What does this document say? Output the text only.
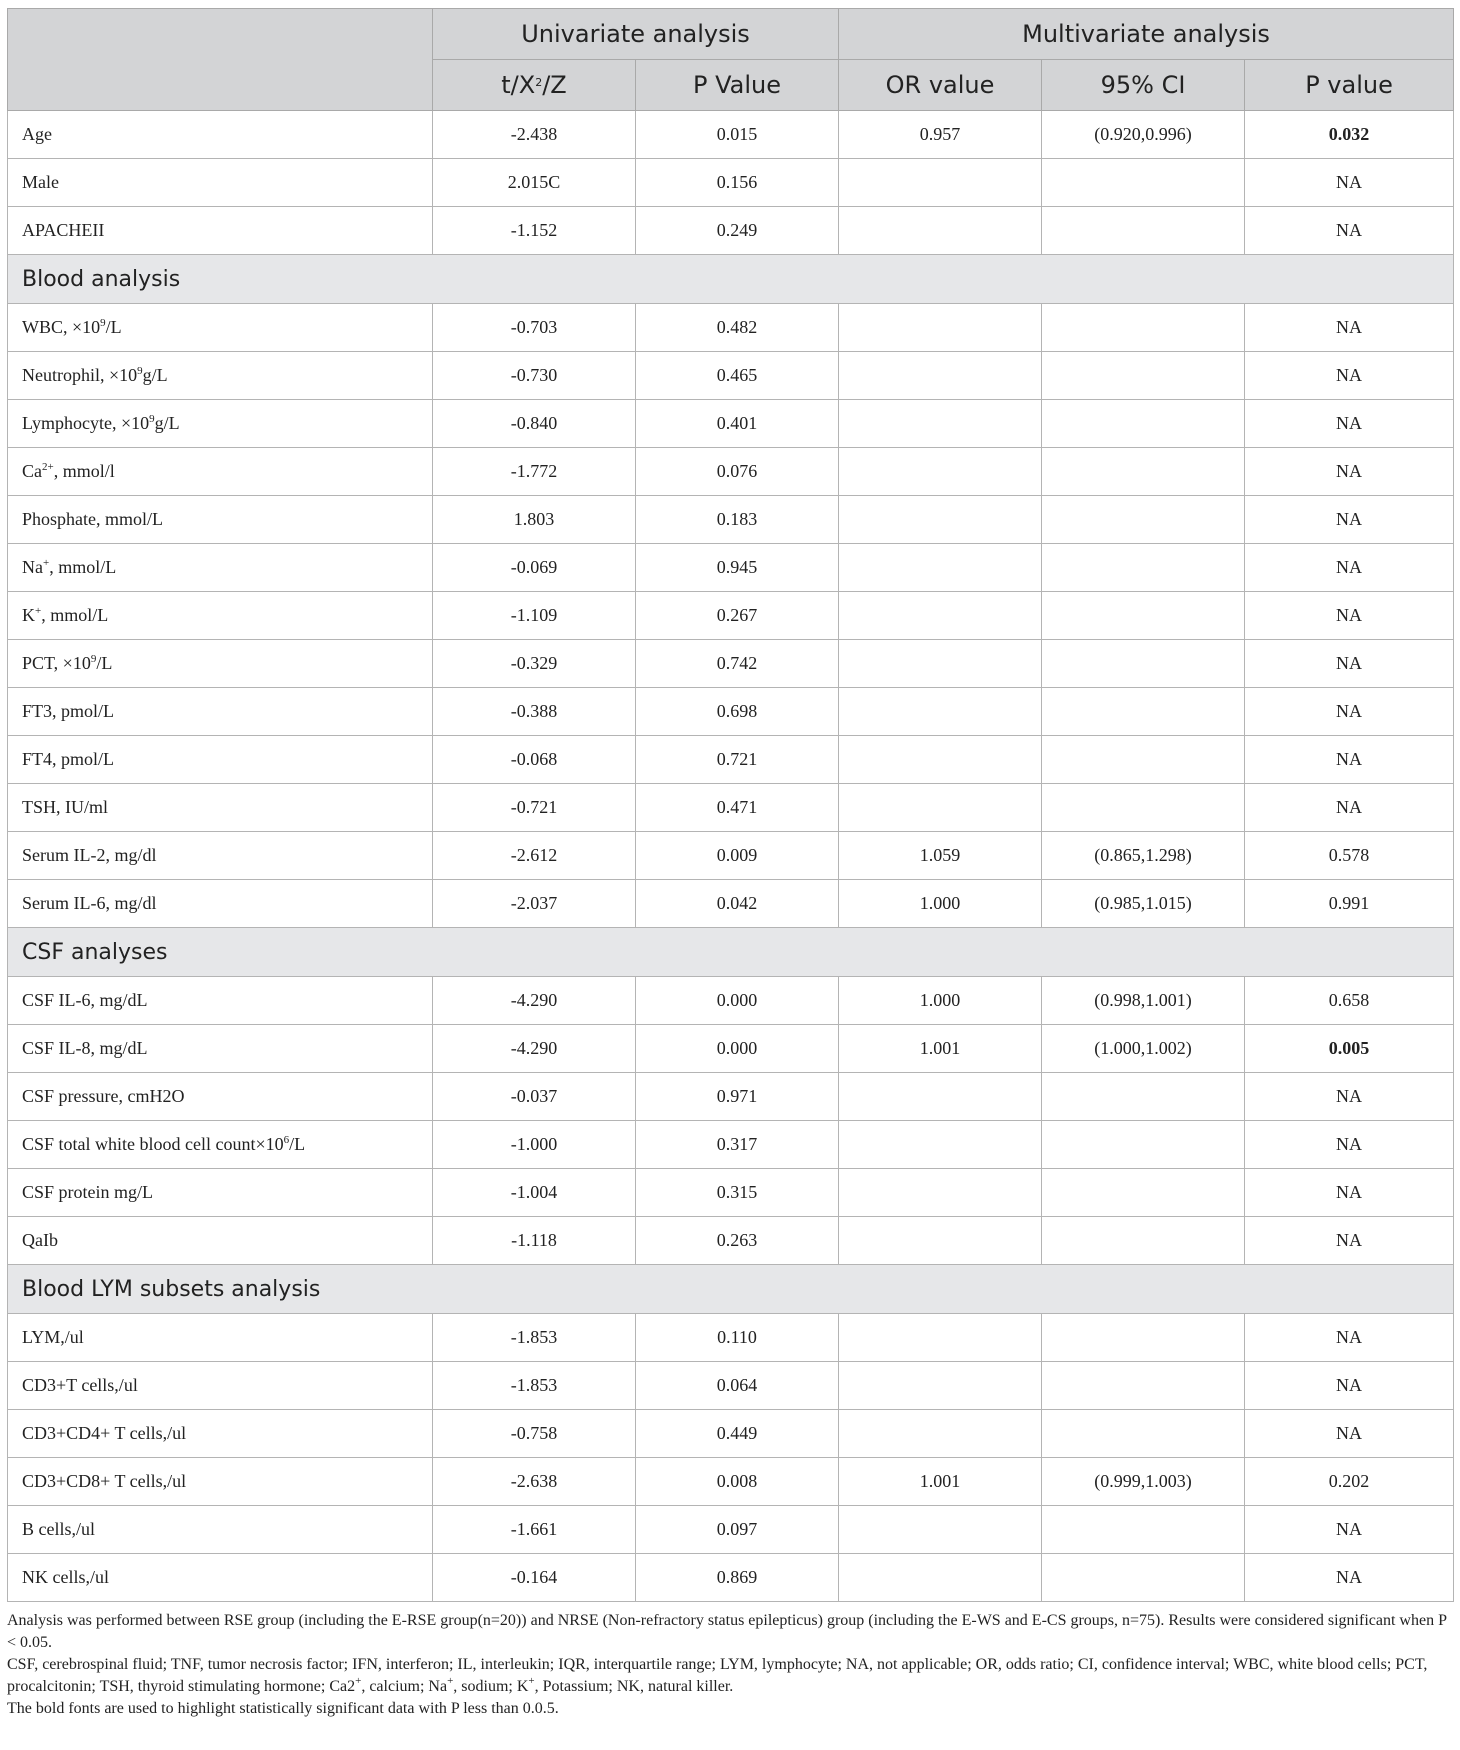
	Univariate analysis		Multivariate analysis		
	$t/X^2/Z$	P Value	OR value	95% CI	P value
Age	-2.438	0.015	0.957	(0.920,0.996)	0.032
Male	2.015C	0.156			NA
APACHEII	-1.152	0.249			NA
Blood analysis					
WBC, $\times 10^9/L$	-0.703	0.482			NA
Neutrophil, $\times 10^9g/L$	-0.730	0.465			NA
Lymphocyte, $\times 10^9g/L$	-0.840	0.401			NA
$Ca^{2+}$, mmol/l	-1.772	0.076			NA
Phosphate, mmol/L	1.803	0.183			NA
Na+, mmol/L	-0.069	0.945			NA
K+, mmol/L	-1.109	0.267			NA
PCT, $\times 10^9/L$	-0.329	0.742			NA
FT3, pmol/L	-0.388	0.698			NA
FT4, pmol/L	-0.068	0.721			NA
TSH, IU/ml	-0.721	0.471			NA
Serum IL-2, mg/dl	-2.612	0.009	1.059	(0.865,1.298)	0.578
Serum IL-6, mg/dl	-2.037	0.042	1.000	(0.985,1.015)	0.991
CSF analyses					
CSF IL-6, mg/dL	-4.290	0.000	1.000	(0.998,1.001)	0.658
CSF IL-8, mg/dL	-4.290	0.000	1.001	(1.000,1.002)	0.005
CSF pressure, cmH2O	-0.037	0.971			NA
CSF total white blood cell $count\times 10^6/L$	-1.000	0.317			NA
CSF protein mg/L	-1.004	0.315			NA
QaIb	-1.118	0.263			NA
Blood LYM subsets analysis					
LYM,/ul	-1.853	0.110			NA
CD3+T cells,/ul	-1.853	0.064			NA
CD3+CD4+ T cells,/ul	-0.758	0.449			NA
CD3+CD8+ T cells,/ul	-2.638	0.008	1.001	(0.999,1.003)	0.202
B cells,/ul	-1.661	0.097			NA
NK cells,/ul	-0.164	0.869			NA

Analysis was performed between RSE group (including the E-RSE group(n=20)) and NRSE (Non-refractory status epilepticus) group (including the E-WS and E-CS groups, n=75). Results were considered significant when P < 0.05.

CSF, cerebrospinal fluid; TNF, tumor necrosis factor; IFN, interferon; IL, interleukin; IQR, interquartile range; LYM, lymphocyte; NA, not applicable; OR, odds ratio; CI, confidence interval; WBC, white blood cells; PCT, procalcitonin; TSH, thyroid stimulating hormone; Ca2+, calcium; Na+, sodium; K+, Potassium; NK, natural killer.

The bold fonts are used to highlight statistically significant data with P less than 0.0.5.
